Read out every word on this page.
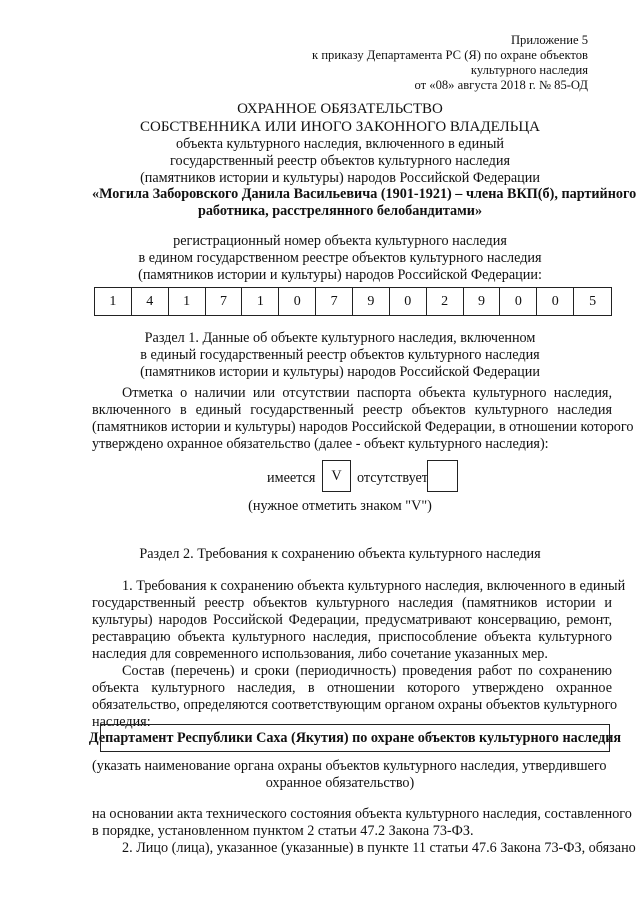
Приложение 5
к приказу Департамента РС (Я) по охране объектов
культурного наследия
от «08» августа 2018 г. № 85-ОД
ОХРАННОЕ ОБЯЗАТЕЛЬСТВО
СОБСТВЕННИКА ИЛИ ИНОГО ЗАКОННОГО ВЛАДЕЛЬЦА
объекта культурного наследия, включенного в единый
государственный реестр объектов культурного наследия
(памятников истории и культуры) народов Российской Федерации
«Могила Заборовского Данила Васильевича (1901-1921) – члена ВКП(б), партийного
работника, расстрелянного белобандитами»
регистрационный номер объекта культурного наследия
в едином государственном реестре объектов культурного наследия
(памятников истории и культуры) народов Российской Федерации:
1	4	1	7	1	0	7	9	0	2	9	0	0	5
Раздел 1. Данные об объекте культурного наследия, включенном
в единый государственный реестр объектов культурного наследия
(памятников истории и культуры) народов Российской Федерации
Отметка о наличии или отсутствии паспорта объекта культурного наследия,
включенного в единый государственный реестр объектов культурного наследия
(памятников истории и культуры) народов Российской Федерации, в отношении которого
утверждено охранное обязательство (далее - объект культурного наследия):
имеется	V	отсутствует
(нужное отметить знаком "V")
Раздел 2. Требования к сохранению объекта культурного наследия
1. Требования к сохранению объекта культурного наследия, включенного в единый
государственный реестр объектов культурного наследия (памятников истории и
культуры) народов Российской Федерации, предусматривают консервацию, ремонт,
реставрацию объекта культурного наследия, приспособление объекта культурного
наследия для современного использования, либо сочетание указанных мер.
Состав (перечень) и сроки (периодичность) проведения работ по сохранению
объекта культурного наследия, в отношении которого утверждено охранное
обязательство, определяются соответствующим органом охраны объектов культурного
наследия:
Департамент Республики Саха (Якутия) по охране объектов культурного наследия
(указать наименование органа охраны объектов культурного наследия, утвердившего
охранное обязательство)
на основании акта технического состояния объекта культурного наследия, составленного
в порядке, установленном пунктом 2 статьи 47.2 Закона 73-ФЗ.
2. Лицо (лица), указанное (указанные) в пункте 11 статьи 47.6 Закона 73-ФЗ, обязано
